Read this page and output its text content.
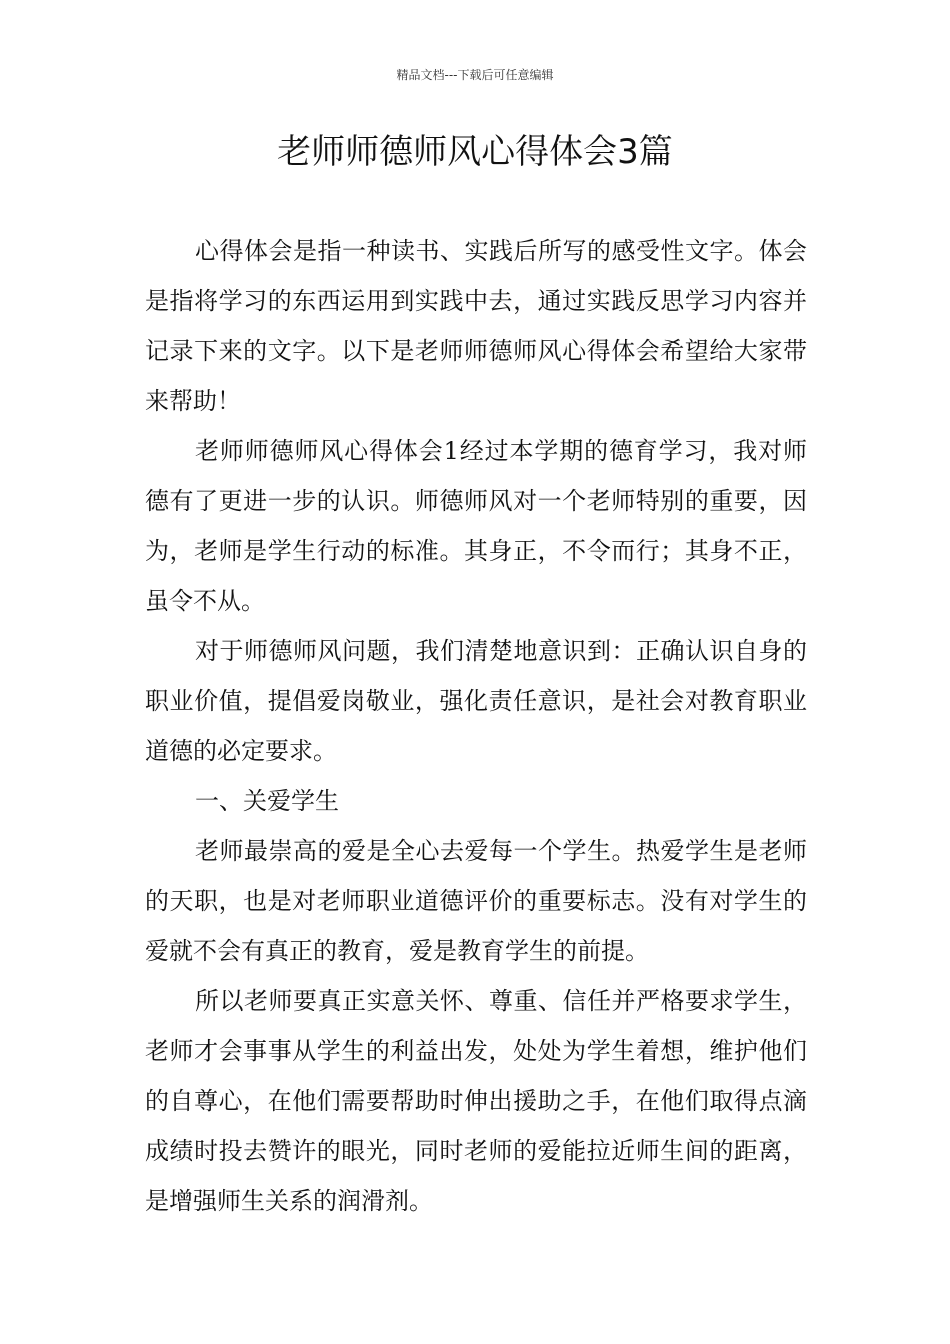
精品文档---下载后可任意编辑
老师师德师风心得体会3篇

心得体会是指一种读书、实践后所写的感受性文字。体会是指将学习的东西运用到实践中去，通过实践反思学习内容并记录下来的文字。以下是老师师德师风心得体会希望给大家带来帮助！

老师师德师风心得体会1经过本学期的德育学习，我对师德有了更进一步的认识。师德师风对一个老师特别的重要，因为，老师是学生行动的标准。其身正，不令而行；其身不正，虽令不从。

对于师德师风问题，我们清楚地意识到：正确认识自身的职业价值，提倡爱岗敬业，强化责任意识，是社会对教育职业道德的必定要求。

一、关爱学生

老师最崇高的爱是全心去爱每一个学生。热爱学生是老师的天职，也是对老师职业道德评价的重要标志。没有对学生的爱就不会有真正的教育，爱是教育学生的前提。

所以老师要真正实意关怀、尊重、信任并严格要求学生，老师才会事事从学生的利益出发，处处为学生着想，维护他们的自尊心，在他们需要帮助时伸出援助之手，在他们取得点滴成绩时投去赞许的眼光，同时老师的爱能拉近师生间的距离，是增强师生关系的润滑剂。
